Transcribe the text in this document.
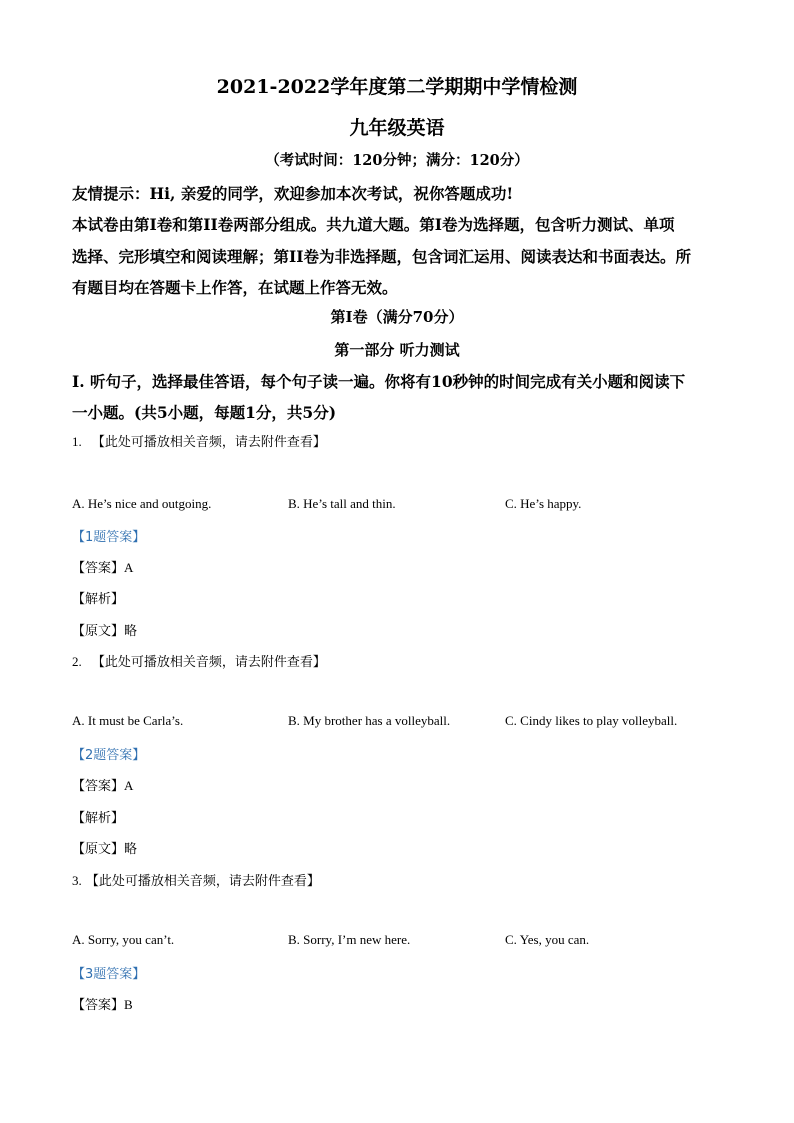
2021-2022学年度第二学期期中学情检测
九年级英语
（考试时间：120分钟；满分：120分）
友情提示：Hi, 亲爱的同学，欢迎参加本次考试，祝你答题成功!
本试卷由第I卷和第II卷两部分组成。共九道大题。第I卷为选择题，包含听力测试、单项
选择、完形填空和阅读理解；第II卷为非选择题，包含词汇运用、阅读表达和书面表达。所
有题目均在答题卡上作答，在试题上作答无效。
第I卷（满分70分）
第一部分 听力测试
I. 听句子，选择最佳答语，每个句子读一遍。你将有10秒钟的时间完成有关小题和阅读下
一小题。(共5小题，每题1分，共5分)
1. 【此处可播放相关音频，请去附件查看】
A. He’s nice and outgoing.	B. He’s tall and thin.	C. He’s happy.
【1题答案】
【答案】A
【解析】
【原文】略
2. 【此处可播放相关音频，请去附件查看】
A. It must be Carla’s.	B. My brother has a volleyball.	C. Cindy likes to play volleyball.
【2题答案】
【答案】A
【解析】
【原文】略
3. 【此处可播放相关音频，请去附件查看】
A. Sorry, you can’t.	B. Sorry, I’m new here.	C. Yes, you can.
【3题答案】
【答案】B
